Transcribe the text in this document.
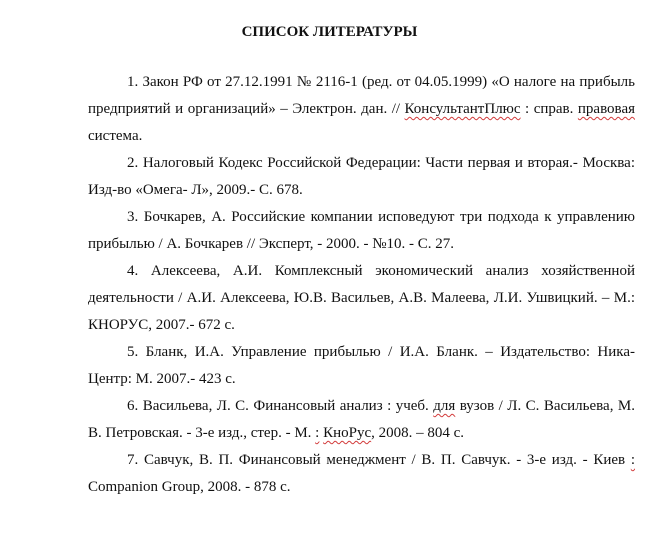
СПИСОК ЛИТЕРАТУРЫ

1. Закон РФ от 27.12.1991 № 2116-1 (ред. от 04.05.1999) «О налоге на прибыль предприятий и организаций» – Электрон. дан. // КонсультантПлюс : справ. правовая система.

2. Налоговый Кодекс Российской Федерации: Части первая и вторая.- Москва: Изд-во «Омега- Л», 2009.- С. 678.

3. Бочкарев, А. Российские компании исповедуют три подхода к управлению прибылью / А. Бочкарев // Эксперт, - 2000. - №10. - С. 27.

4. Алексеева, А.И. Комплексный экономический анализ хозяйственной деятельности / А.И. Алексеева, Ю.В. Васильев, А.В. Малеева, Л.И. Ушвицкий. – М.: КНОРУС, 2007.- 672 с.

5. Бланк, И.А. Управление прибылью / И.А. Бланк. – Издательство: Ника-Центр: М. 2007.- 423 с.

6. Васильева, Л. С. Финансовый анализ : учеб. для вузов / Л. С. Васильева, М. В. Петровская. - 3-е изд., стер. - М. : КноРус, 2008. – 804 с.

7. Савчук, В. П. Финансовый менеджмент / В. П. Савчук. - 3-е изд. - Киев : Companion Group, 2008. - 878 с.
